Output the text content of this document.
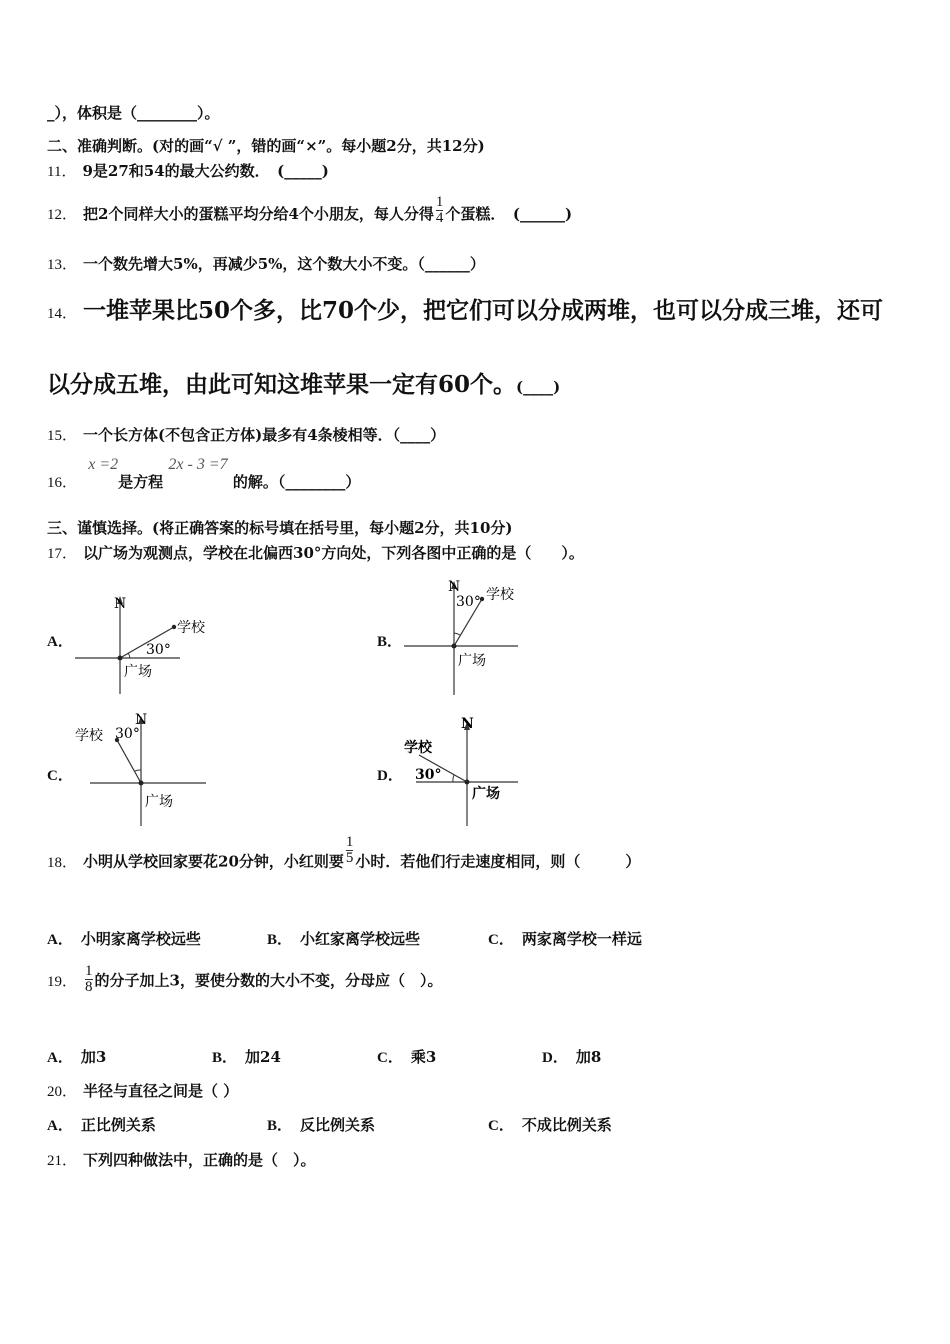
_），体积是（________）。
二、准确判断。(对的画“√ ”，错的画“×”。每小题2分，共12分)
11． 9是27和54的最大公约数．　(_____)
12． 把2个同样大小的蛋糕平均分给4个小朋友，每人分得 $\frac{1}{4}$ 个蛋糕．　(______)
13． 一个数先增大5%，再减少5%，这个数大小不变。（______）
14． 一堆苹果比50个多，比70个少，把它们可以分成两堆，也可以分成三堆，还可
以分成五堆，由此可知这堆苹果一定有60个。(____)
15． 一个长方体(不包含正方体)最多有4条棱相等．（____）
16． x =2是方程 2x - 3 =7 的解。（________）
三、谨慎选择。(将正确答案的标号填在括号里，每小题2分，共10分)
17． 以广场为观测点，学校在北偏西30°方向处，下列各图中正确的是（　　）。
A．	B．
C．	D．
N
学校
30°
广场
N
30° 学校
广场
N
学校 30°
广场
N
学校
30°
广场
18． 小明从学校回家要花20分钟，小红则要 $\frac{1}{5}$ 小时．若他们行走速度相同，则（　　　）
A． 小明家离学校远些	B． 小红家离学校远些	C． 两家离学校一样远
19． $\frac{1}{8}$ 的分子加上3，要使分数的大小不变，分母应（　）。
A． 加3	B． 加24	C． 乘3	D． 加8
20． 半径与直径之间是（ ）
A． 正比例关系	B． 反比例关系	C． 不成比例关系
21． 下列四种做法中，正确的是（　）。
